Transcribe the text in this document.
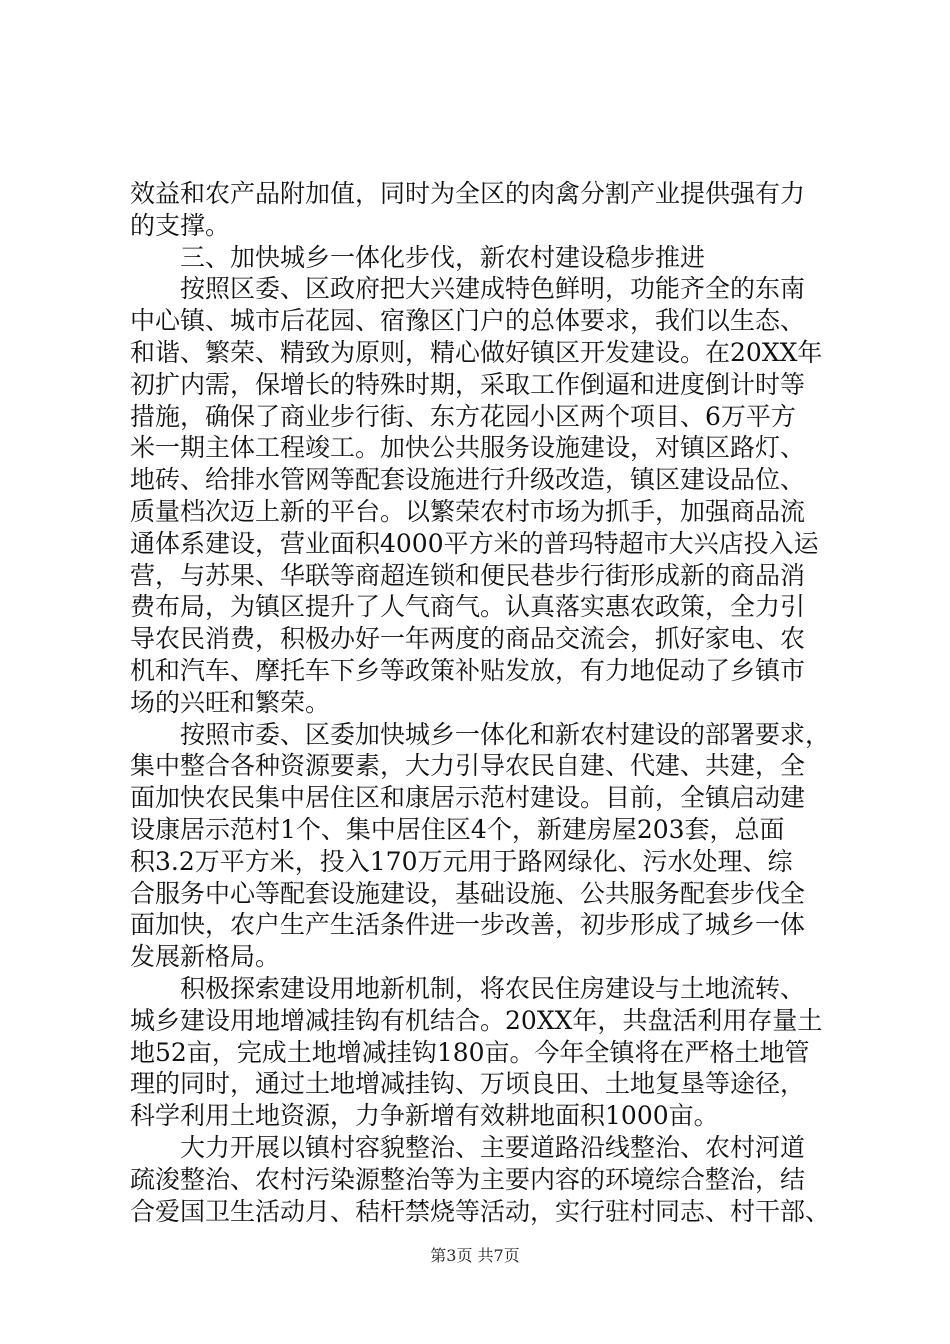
效益和农产品附加值，同时为全区的肉禽分割产业提供强有力
的支撑。
　　三、加快城乡一体化步伐，新农村建设稳步推进
　　按照区委、区政府把大兴建成特色鲜明，功能齐全的东南
中心镇、城市后花园、宿豫区门户的总体要求，我们以生态、
和谐、繁荣、精致为原则，精心做好镇区开发建设。在20XX年
初扩内需，保增长的特殊时期，采取工作倒逼和进度倒计时等
措施，确保了商业步行街、东方花园小区两个项目、6万平方
米一期主体工程竣工。加快公共服务设施建设，对镇区路灯、
地砖、给排水管网等配套设施进行升级改造，镇区建设品位、
质量档次迈上新的平台。以繁荣农村市场为抓手，加强商品流
通体系建设，营业面积4000平方米的普玛特超市大兴店投入运
营，与苏果、华联等商超连锁和便民巷步行街形成新的商品消
费布局，为镇区提升了人气商气。认真落实惠农政策，全力引
导农民消费，积极办好一年两度的商品交流会，抓好家电、农
机和汽车、摩托车下乡等政策补贴发放，有力地促动了乡镇市
场的兴旺和繁荣。
　　按照市委、区委加快城乡一体化和新农村建设的部署要求，
集中整合各种资源要素，大力引导农民自建、代建、共建，全
面加快农民集中居住区和康居示范村建设。目前，全镇启动建
设康居示范村1个、集中居住区4个，新建房屋203套，总面
积3.2万平方米，投入170万元用于路网绿化、污水处理、综
合服务中心等配套设施建设，基础设施、公共服务配套步伐全
面加快，农户生产生活条件进一步改善，初步形成了城乡一体
发展新格局。
　　积极探索建设用地新机制，将农民住房建设与土地流转、
城乡建设用地增减挂钩有机结合。20XX年，共盘活利用存量土
地52亩，完成土地增减挂钩180亩。今年全镇将在严格土地管
理的同时，通过土地增减挂钩、万顷良田、土地复垦等途径，
科学利用土地资源，力争新增有效耕地面积1000亩。
　　大力开展以镇村容貌整治、主要道路沿线整治、农村河道
疏浚整治、农村污染源整治等为主要内容的环境综合整治，结
合爱国卫生活动月、秸杆禁烧等活动，实行驻村同志、村干部、
第3页 共7页
